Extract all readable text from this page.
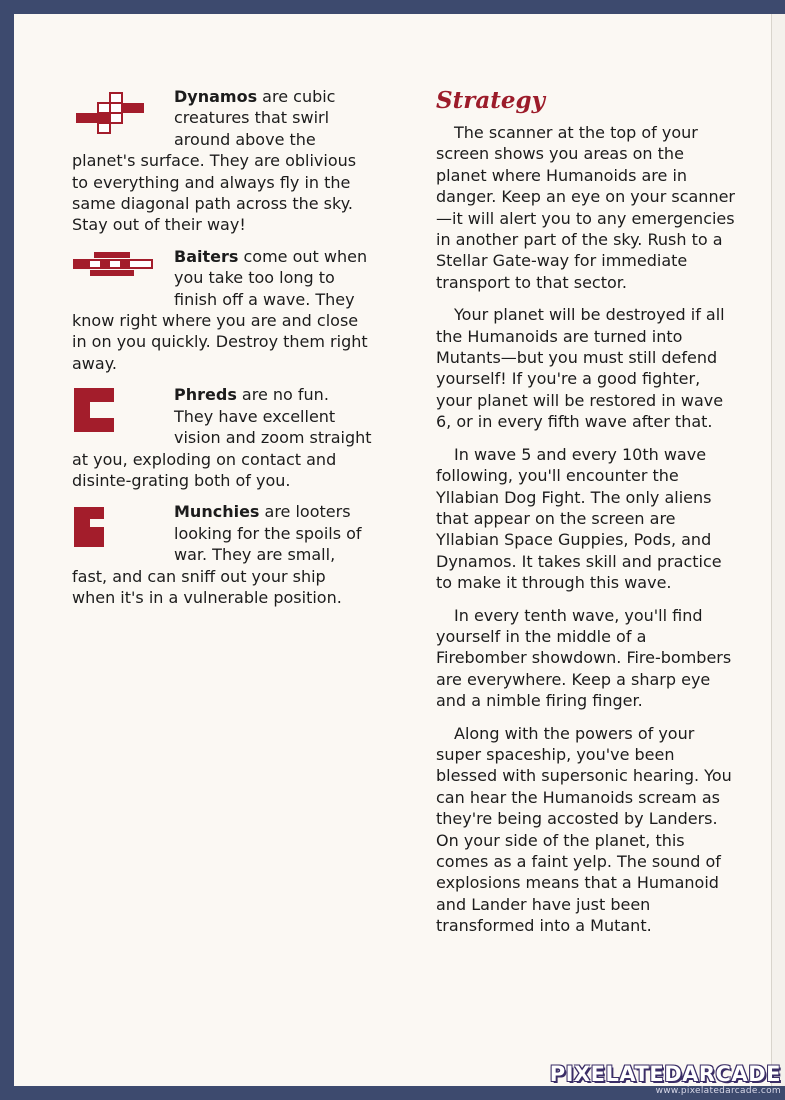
Dynamos are cubic creatures that swirl around above the planet's surface. They are oblivious to everything and always fly in the same diagonal path across the sky. Stay out of their way!

Baiters come out when you take too long to finish off a wave. They know right where you are and close in on you quickly. Destroy them right away.

Phreds are no fun. They have excellent vision and zoom straight at you, exploding on contact and disinte-grating both of you.

Munchies are looters looking for the spoils of war. They are small, fast, and can sniff out your ship when it's in a vulnerable position.

Strategy

The scanner at the top of your screen shows you areas on the planet where Humanoids are in danger. Keep an eye on your scanner—it will alert you to any emergencies in another part of the sky. Rush to a Stellar Gate-way for immediate transport to that sector.

Your planet will be destroyed if all the Humanoids are turned into Mutants—but you must still defend yourself! If you're a good fighter, your planet will be restored in wave 6, or in every fifth wave after that.

In wave 5 and every 10th wave following, you'll encounter the Yllabian Dog Fight. The only aliens that appear on the screen are Yllabian Space Guppies, Pods, and Dynamos. It takes skill and practice to make it through this wave.

In every tenth wave, you'll find yourself in the middle of a Firebomber showdown. Fire-bombers are everywhere. Keep a sharp eye and a nimble firing finger.

Along with the powers of your super spaceship, you've been blessed with supersonic hearing. You can hear the Humanoids scream as they're being accosted by Landers. On your side of the planet, this comes as a faint yelp. The sound of explosions means that a Humanoid and Lander have just been transformed into a Mutant.

PIXELATEDARCADE
www.pixelatedarcade.com
